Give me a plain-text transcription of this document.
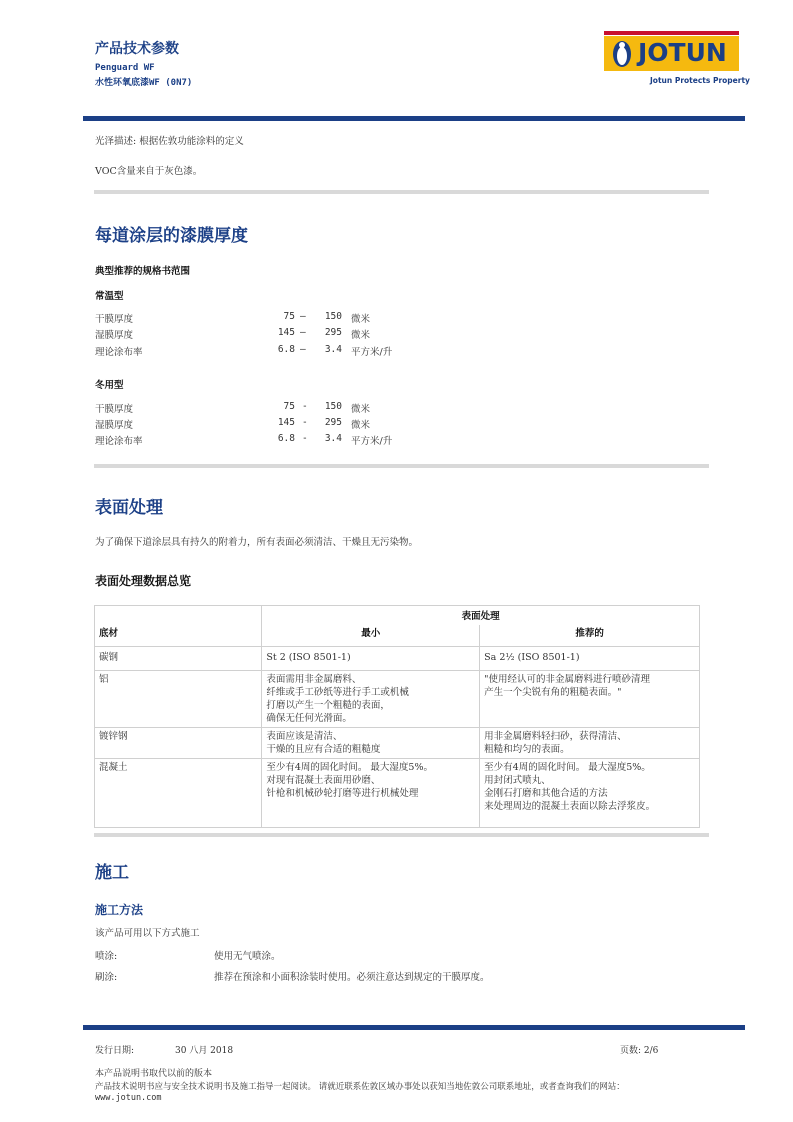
产品技术参数
Penguard WF
水性环氧底漆WF (0N7)
JOTUN
Jotun Protects Property
光泽描述: 根据佐敦功能涂料的定义
VOC含量来自于灰色漆。
每道涂层的漆膜厚度
典型推荐的规格书范围
常温型
干膜厚度	75 –	150 微米
湿膜厚度	145 –	295 微米
理论涂布率	6.8 –	3.4 平方米/升
冬用型
干膜厚度	75 -	150 微米
湿膜厚度	145 -	295 微米
理论涂布率	6.8 -	3.4 平方米/升
表面处理
为了确保下道涂层具有持久的附着力，所有表面必须清洁、干燥且无污染物。
表面处理数据总览
	表面处理	
底材	最小	推荐的
碳钢	St 2 (ISO 8501-1)	Sa 2½ (ISO 8501-1)

铝	表面需用非金属磨料、
纤维或手工砂纸等进行手工或机械
打磨以产生一个粗糙的表面，
确保无任何光滑面。	"使用经认可的非金属磨料进行喷砂清理
产生一个尖锐有角的粗糙表面。"

镀锌钢	表面应该是清洁、
干燥的且应有合适的粗糙度	用非金属磨料轻扫砂，获得清洁、
粗糙和均匀的表面。

混凝土	至少有4周的固化时间。 最大湿度5%。
对现有混凝土表面用砂磨、
针枪和机械砂轮打磨等进行机械处理	至少有4周的固化时间。 最大湿度5%。
用封闭式喷丸、
金刚石打磨和其他合适的方法
来处理周边的混凝土表面以除去浮浆皮。
施工
施工方法
该产品可用以下方式施工
喷涂:	使用无气喷涂。
刷涂:	推荐在预涂和小面积涂装时使用。必须注意达到规定的干膜厚度。
发行日期:	30 八月 2018	页数: 2/6
本产品说明书取代以前的版本
产品技术说明书应与安全技术说明书及施工指导一起阅读。 请就近联系佐敦区域办事处以获知当地佐敦公司联系地址，或者查询我们的网站：
www.jotun.com
